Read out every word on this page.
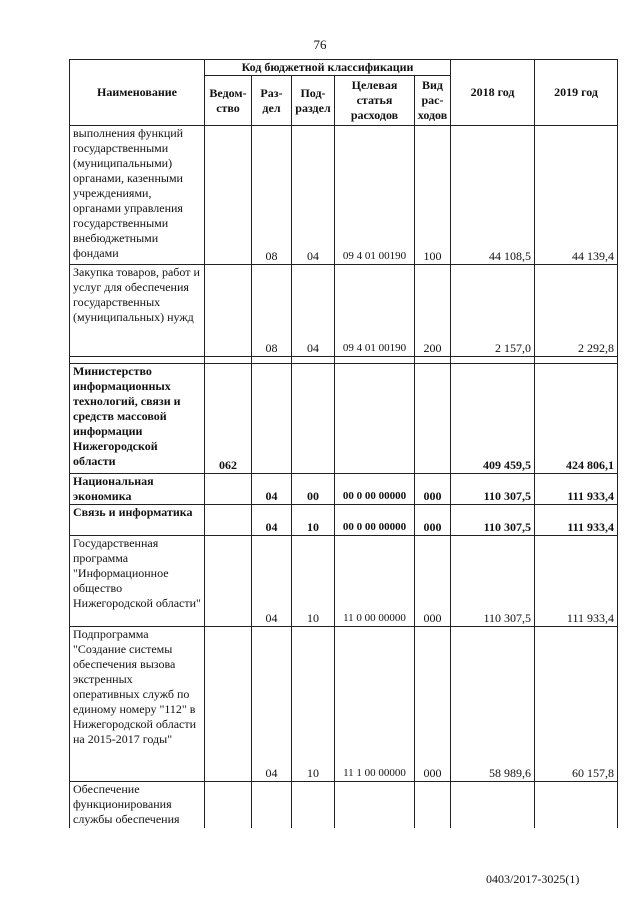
76
Наименование	Код бюджетной классификации					2018 год	2019 год
	Ведом-ство	Раз-дел	Под-раздел	Целевая статья расходов	Вид рас-ходов		
выполнения функций государственными (муниципальными) органами, казенными учреждениями, органами управления государственными внебюджетными фондами		08	04	09 4 01 00190	100	44 108,5	44 139,4
Закупка товаров, работ и услуг для обеспечения государственных (муниципальных) нужд		08	04	09 4 01 00190	200	2 157,0	2 292,8

Министерство информационных технологий, связи и средств массовой информации Нижегородской области	062					409 459,5	424 806,1
Национальная экономика		04	00	00 0 00 00000	000	110 307,5	111 933,4
Связь и информатика		04	10	00 0 00 00000	000	110 307,5	111 933,4
Государственная программа "Информационное общество Нижегородской области"		04	10	11 0 00 00000	000	110 307,5	111 933,4
Подпрограмма "Создание системы обеспечения вызова экстренных оперативных служб по единому номеру "112" в Нижегородской области на 2015-2017 годы"		04	10	11 1 00 00000	000	58 989,6	60 157,8
Обеспечение функционирования службы обеспечения							
0403/2017-3025(1)
